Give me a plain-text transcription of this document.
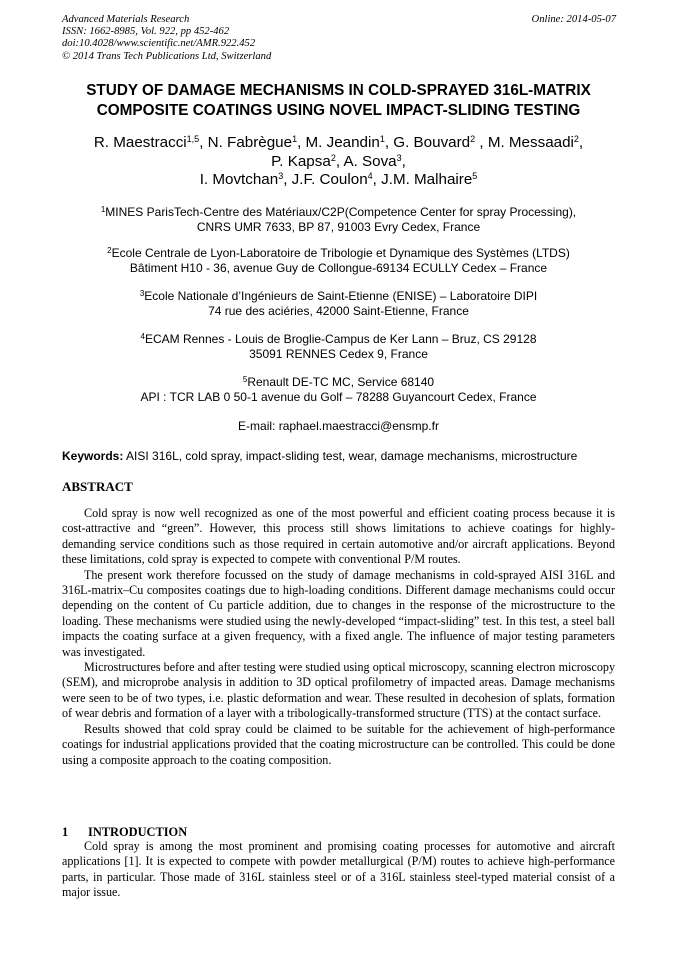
Advanced Materials Research
ISSN: 1662-8985, Vol. 922, pp 452-462
doi:10.4028/www.scientific.net/AMR.922.452
© 2014 Trans Tech Publications Ltd, Switzerland
Online: 2014-05-07
STUDY OF DAMAGE MECHANISMS IN COLD-SPRAYED 316L-MATRIX
COMPOSITE COATINGS USING NOVEL IMPACT-SLIDING TESTING
R. Maestracci$^{1,5}$, N. Fabrègue$^1$, M. Jeandin$^1$, G. Bouvard$^2$ , M. Messaadi$^2$,
P. Kapsa$^2$, A. Sova$^3$,
I. Movtchan$^3$, J.F. Coulon$^4$, J.M. Malhaire$^5$
$^1$MINES ParisTech-Centre des Matériaux/C2P(Competence Center for spray Processing),
CNRS UMR 7633, BP 87, 91003 Evry Cedex, France
$^2$Ecole Centrale de Lyon-Laboratoire de Tribologie et Dynamique des Systèmes (LTDS)
Bâtiment H10 - 36, avenue Guy de Collongue-69134 ECULLY Cedex – France
$^3$Ecole Nationale d’Ingénieurs de Saint-Etienne (ENISE) – Laboratoire DIPI
74 rue des aciéries, 42000 Saint-Etienne, France
$^4$ECAM Rennes - Louis de Broglie-Campus de Ker Lann – Bruz, CS 29128
35091 RENNES Cedex 9, France
$^5$Renault DE-TC MC, Service 68140
API : TCR LAB 0 50-1 avenue du Golf – 78288 Guyancourt Cedex, France
E-mail: raphael.maestracci@ensmp.fr
Keywords: AISI 316L, cold spray, impact-sliding test, wear, damage mechanisms, microstructure
ABSTRACT

Cold spray is now well recognized as one of the most powerful and efficient coating process because it is cost-attractive and “green”. However, this process still shows limitations to achieve coatings for highly-demanding service conditions such as those required in certain automotive and/or aircraft applications. Beyond these limitations, cold spray is expected to compete with conventional P/M routes.

The present work therefore focussed on the study of damage mechanisms in cold-sprayed AISI 316L and 316L-matrix–Cu composites coatings due to high-loading conditions. Different damage mechanisms could occur depending on the content of Cu particle addition, due to changes in the response of the microstructure to the loading. These mechanisms were studied using the newly-developed “impact-sliding” test. In this test, a steel ball impacts the coating surface at a given frequency, with a fixed angle. The influence of major testing parameters was investigated.

Microstructures before and after testing were studied using optical microscopy, scanning electron microscopy (SEM), and microprobe analysis in addition to 3D optical profilometry of impacted areas. Damage mechanisms were seen to be of two types, i.e. plastic deformation and wear. These resulted in decohesion of splats, formation of wear debris and formation of a layer with a tribologically-transformed structure (TTS) at the contact surface.

Results showed that cold spray could be claimed to be suitable for the achievement of high-performance coatings for industrial applications provided that the coating microstructure can be controlled. This could be done using a composite approach to the coating composition.

1 INTRODUCTION

Cold spray is among the most prominent and promising coating processes for automotive and aircraft applications [1]. It is expected to compete with powder metallurgical (P/M) routes to achieve high-performance parts, in particular. Those made of 316L stainless steel or of a 316L stainless steel-typed material consist of a major issue.
